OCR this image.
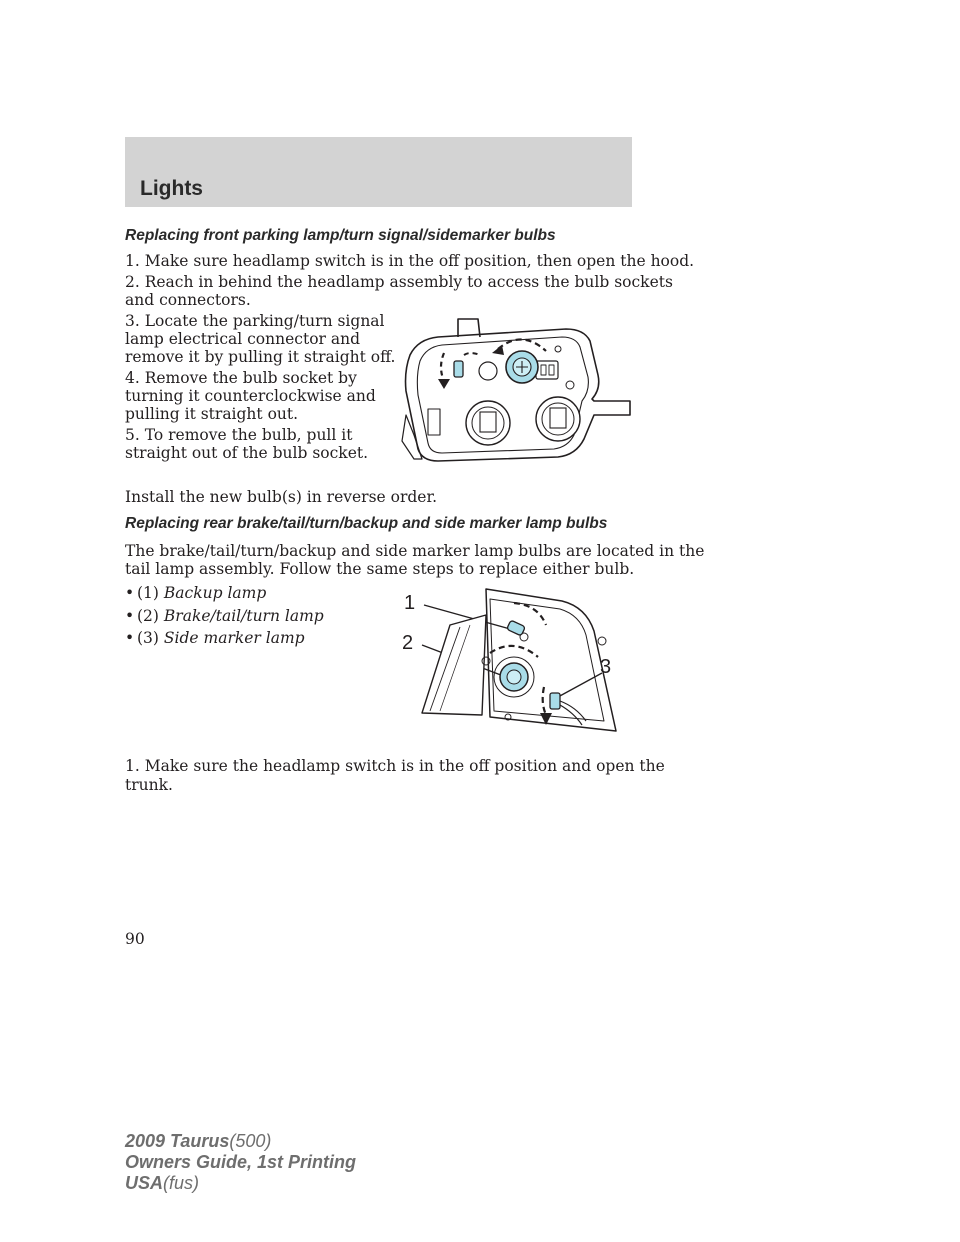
Lights
Replacing front parking lamp/turn signal/sidemarker bulbs
1. Make sure headlamp switch is in the off position, then open the hood.
2. Reach in behind the headlamp assembly to access the bulb sockets
and connectors.
3. Locate the parking/turn signal
lamp electrical connector and
remove it by pulling it straight off.
4. Remove the bulb socket by
turning it counterclockwise and
pulling it straight out.
5. To remove the bulb, pull it
straight out of the bulb socket.
Install the new bulb(s) in reverse order.
Replacing rear brake/tail/turn/backup and side marker lamp bulbs
The brake/tail/turn/backup and side marker lamp bulbs are located in the
tail lamp assembly. Follow the same steps to replace either bulb.
• (1) Backup lamp
• (2) Brake/tail/turn lamp
• (3) Side marker lamp
1
2
3
1. Make sure the headlamp switch is in the off position and open the
trunk.
90
2009 Taurus(500)
Owners Guide, 1st Printing
USA(fus)
